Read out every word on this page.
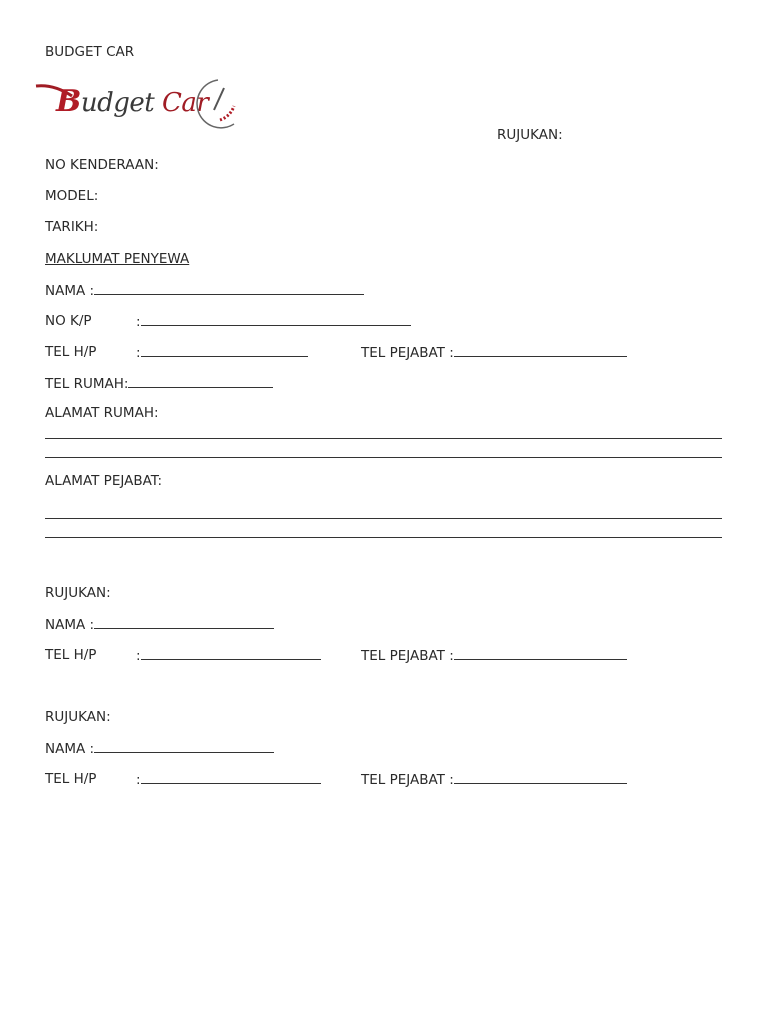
BUDGET CAR
Budget Car
RUJUKAN:
NO KENDERAAN:
MODEL:
TARIKH:
MAKLUMAT PENYEWA
NAMA :
NO K/P	:
TEL H/P	:	TEL PEJABAT :
TEL RUMAH:
ALAMAT RUMAH:
ALAMAT PEJABAT:
RUJUKAN:
NAMA :
TEL H/P	:	TEL PEJABAT :
RUJUKAN:
NAMA :
TEL H/P	:	TEL PEJABAT :
